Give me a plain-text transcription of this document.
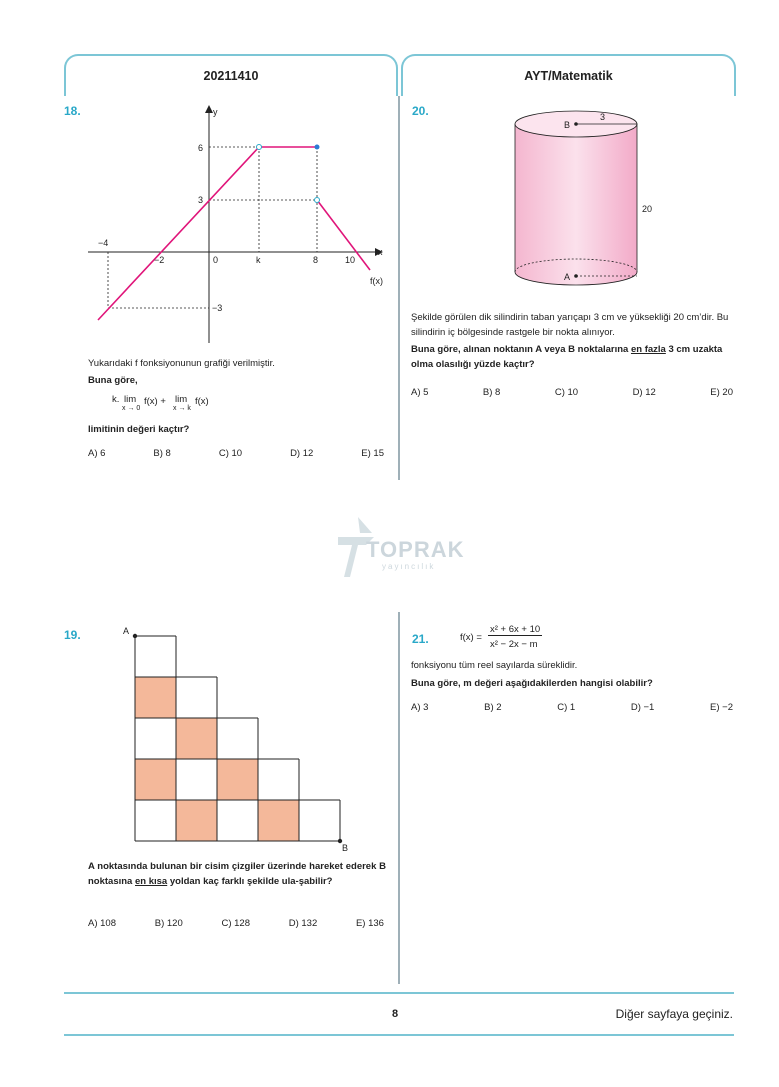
20211410	AYT/Matematik
18.	y
x
6
3
−3
−4
−2	0	k	8	10
f(x)
Yukarıdaki f fonksiyonunun grafiği verilmiştir.
Buna göre,
k. lim
x → 0
f(x) + lim
x → k
f(x)
limitinin değeri kaçtır?
A) 6	B) 8	C) 10	D) 12	E) 15
20.
B
3
20
A
Şekilde görülen dik silindirin taban yarıçapı 3 cm ve yüksekliği 20 cm’dir. Bu silindirin iç bölgesinde rastgele bir nokta alınıyor.
Buna göre, alınan noktanın A veya B noktalarına en fazla 3 cm uzakta olma olasılığı yüzde kaçtır?
A) 5	B) 8	C) 10	D) 12	E) 20
TOPRAK
yayıncılık
19.	A
B
A noktasında bulunan bir cisim çizgiler üzerinde hareket ederek B noktasına en kısa yoldan kaç farklı şekilde ula-şabilir?
A) 108	B) 120	C) 128	D) 132	E) 136
21.	f(x) =
x² + 6x + 10
x² − 2x − m
fonksiyonu tüm reel sayılarda süreklidir.
Buna göre, m değeri aşağıdakilerden hangisi olabilir?
A) 3	B) 2	C) 1	D) −1	E) −2
8	Diğer sayfaya geçiniz.
